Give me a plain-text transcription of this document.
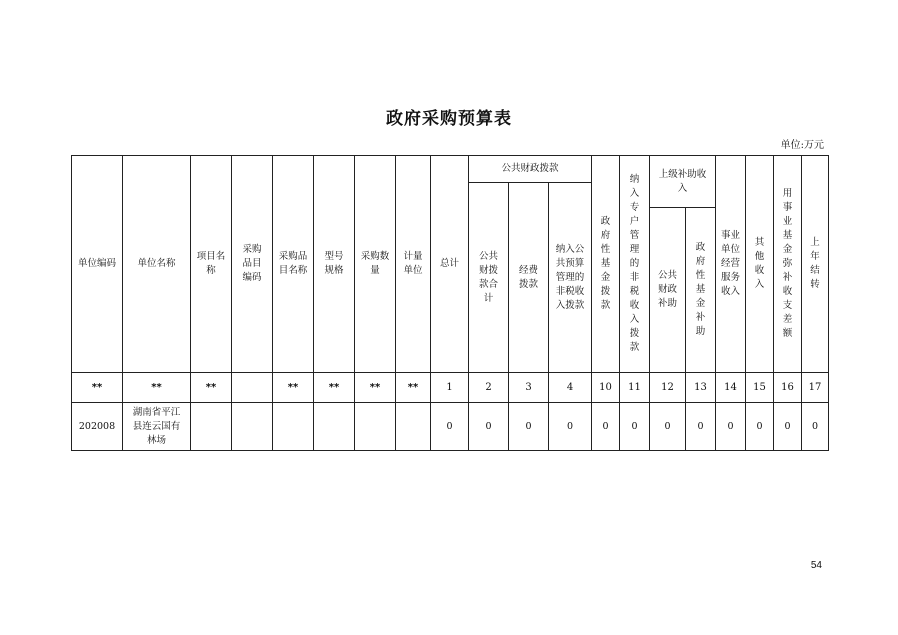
政府采购预算表
单位:万元
单位编码	单位名称	项目名称	采购品目编码	采购品目名称	型号规格	采购数量	计量单位	总计	公共财政拨款			政府性基金拨款	纳入专户管理的非税收入拨款	上级补助收入		事业单位经营服务收入	其他收入	用事业基金弥补收支差额	上年结转

									公共财拨款合计	经费拨款	纳入公共预算管理的非税收入拨款								

														公共财政补助	政府性基金补助				

**	**	**		**	**	**	**	1	2	3	4	10	11	12	13	14	15	16	17
202008	湖南省平江县连云国有林场							0	0	0	0	0	0	0	0	0	0	0	0
54
